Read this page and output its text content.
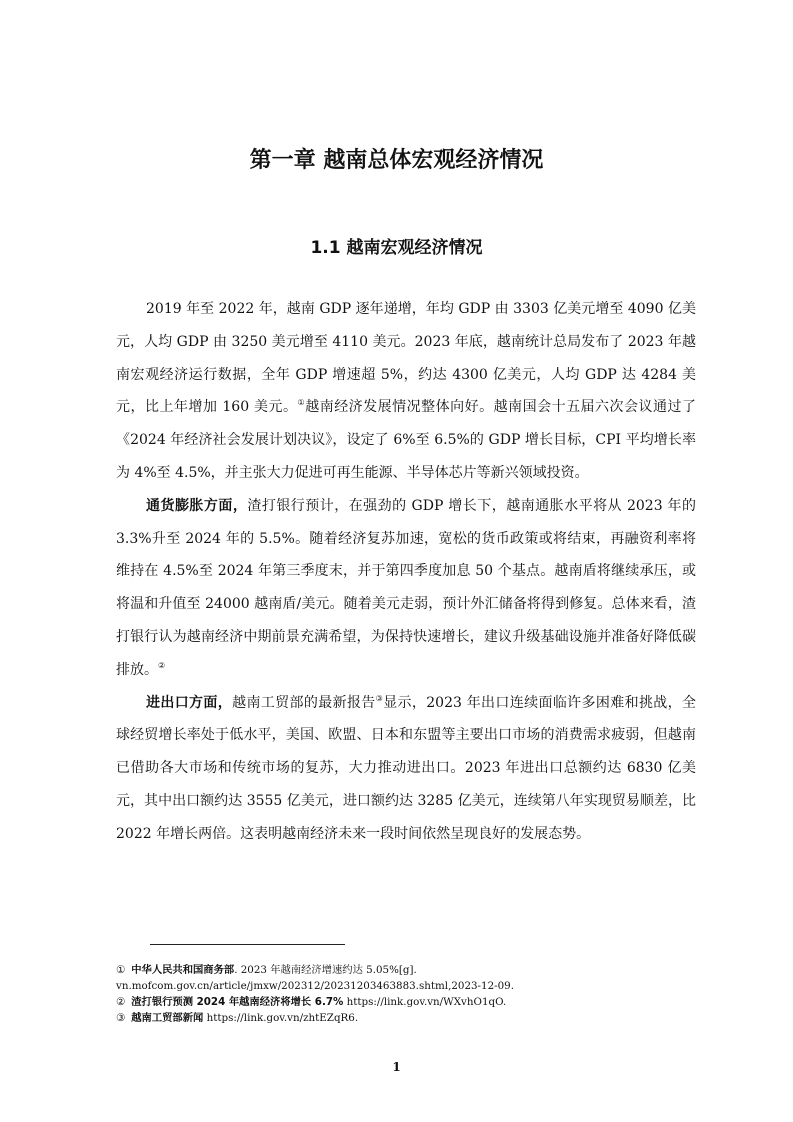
第一章 越南总体宏观经济情况
1.1 越南宏观经济情况

2019 年至 2022 年，越南 GDP 逐年递增，年均 GDP 由 3303 亿美元增至 4090 亿美元，人均 GDP 由 3250 美元增至 4110 美元。2023 年底，越南统计总局发布了 2023 年越南宏观经济运行数据，全年 GDP 增速超 5%，约达 4300 亿美元，人均 GDP 达 4284 美元，比上年增加 160 美元。①越南经济发展情况整体向好。越南国会十五届六次会议通过了《2024 年经济社会发展计划决议》，设定了 6%至 6.5%的 GDP 增长目标，CPI 平均增长率为 4%至 4.5%，并主张大力促进可再生能源、半导体芯片等新兴领域投资。

通货膨胀方面，渣打银行预计，在强劲的 GDP 增长下，越南通胀水平将从 2023 年的 3.3%升至 2024 年的 5.5%。随着经济复苏加速，宽松的货币政策或将结束，再融资利率将维持在 4.5%至 2024 年第三季度末，并于第四季度加息 50 个基点。越南盾将继续承压，或将温和升值至 24000 越南盾/美元。随着美元走弱，预计外汇储备将得到修复。总体来看，渣打银行认为越南经济中期前景充满希望，为保持快速增长，建议升级基础设施并准备好降低碳排放。②

进出口方面，越南工贸部的最新报告③显示，2023 年出口连续面临许多困难和挑战，全球经贸增长率处于低水平，美国、欧盟、日本和东盟等主要出口市场的消费需求疲弱，但越南已借助各大市场和传统市场的复苏，大力推动进出口。2023 年进出口总额约达 6830 亿美元，其中出口额约达 3555 亿美元，进口额约达 3285 亿美元，连续第八年实现贸易顺差，比 2022 年增长两倍。这表明越南经济未来一段时间依然呈现良好的发展态势。

① 中华人民共和国商务部. 2023 年越南经济增速约达 5.05%[g].

vn.mofcom.gov.cn/article/jmxw/202312/20231203463883.shtml,2023-12-09.

② 渣打银行预测 2024 年越南经济将增长 6.7% https://link.gov.vn/WXvhO1qO.

③ 越南工贸部新闻 https://link.gov.vn/zhtEZqR6.

1
